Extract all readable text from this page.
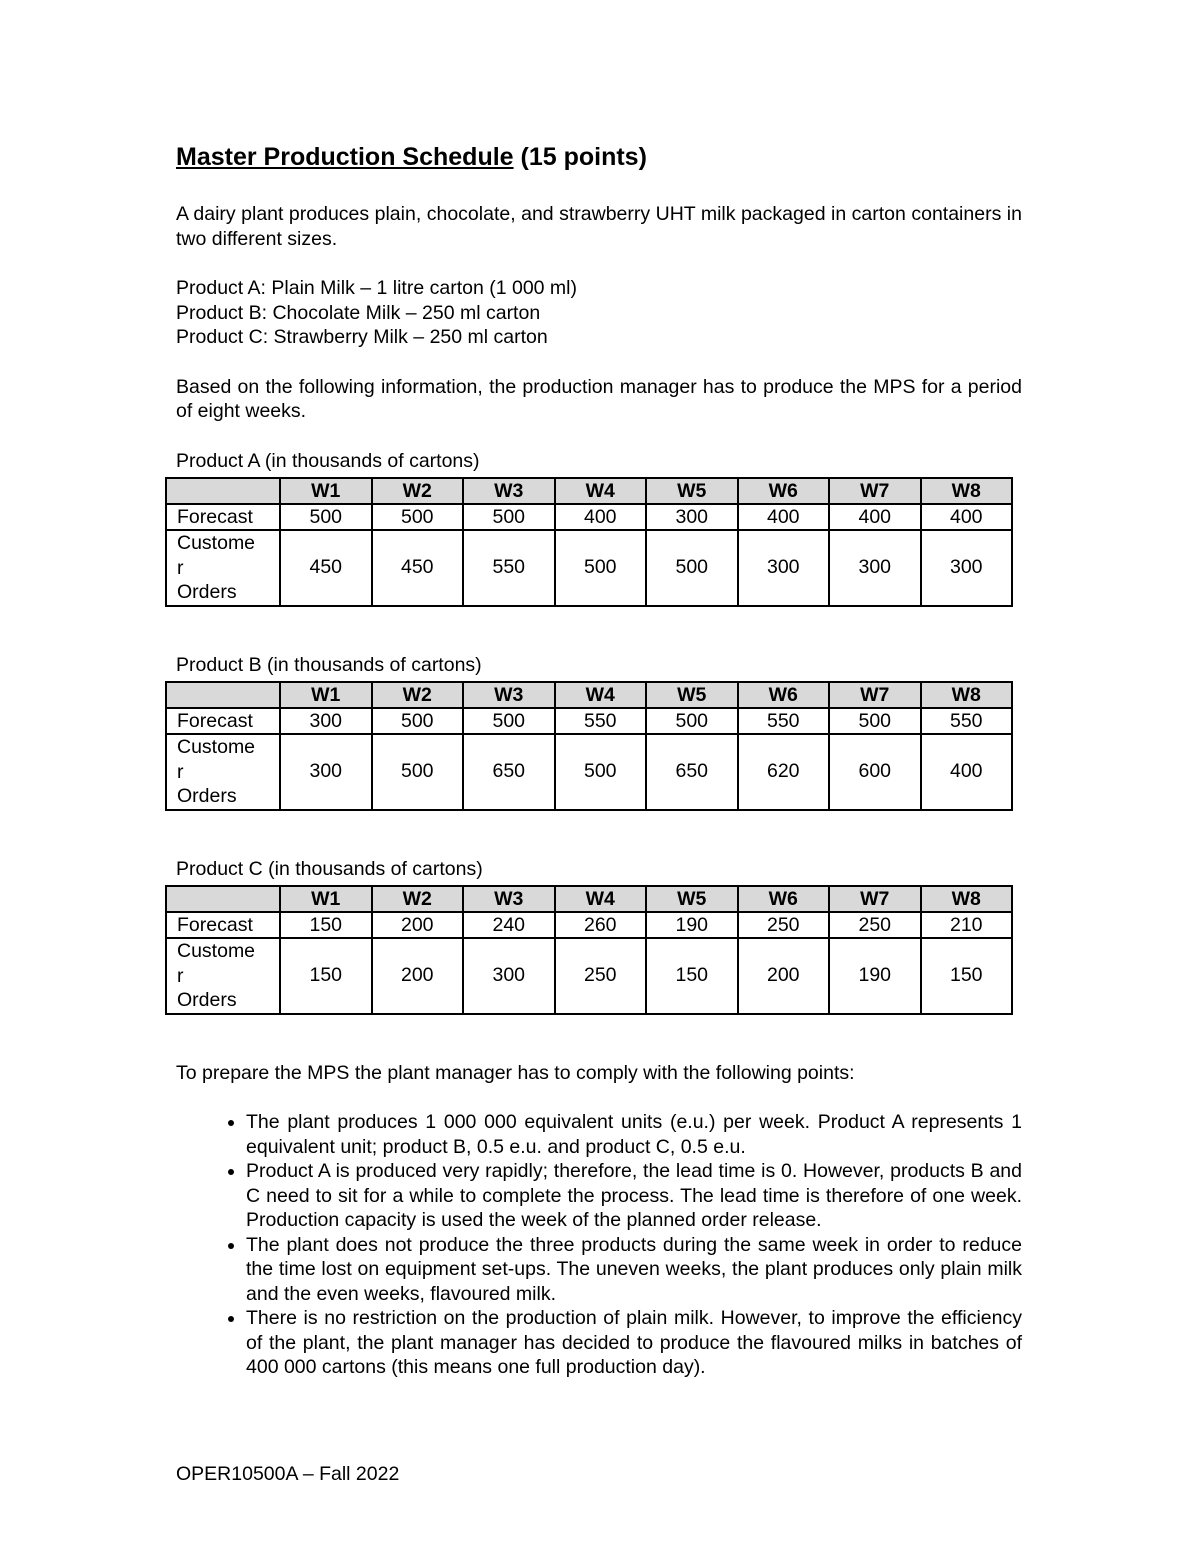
Master Production Schedule (15 points)

A dairy plant produces plain, chocolate, and strawberry UHT milk packaged in carton containers in two different sizes.

Product A: Plain Milk – 1 litre carton (1 000 ml)

Product B: Chocolate Milk – 250 ml carton

Product C: Strawberry Milk – 250 ml carton

Based on the following information, the production manager has to produce the MPS for a period of eight weeks.

Product A (in thousands of cartons)

	W1	W2	W3	W4	W5	W6	W7	W8
Forecast	500	500	500	400	300	400	400	400
Custome
r
Orders	450	450	550	500	500	300	300	300

Product B (in thousands of cartons)

	W1	W2	W3	W4	W5	W6	W7	W8
Forecast	300	500	500	550	500	550	500	550
Custome
r
Orders	300	500	650	500	650	620	600	400

Product C (in thousands of cartons)

	W1	W2	W3	W4	W5	W6	W7	W8
Forecast	150	200	240	260	190	250	250	210
Custome
r
Orders	150	200	300	250	150	200	190	150

To prepare the MPS the plant manager has to comply with the following points:

• The plant produces 1 000 000 equivalent units (e.u.) per week. Product A represents 1 equivalent unit; product B, 0.5 e.u. and product C, 0.5 e.u.
• Product A is produced very rapidly; therefore, the lead time is 0. However, products B and C need to sit for a while to complete the process. The lead time is therefore of one week. Production capacity is used the week of the planned order release.
• The plant does not produce the three products during the same week in order to reduce the time lost on equipment set-ups. The uneven weeks, the plant produces only plain milk and the even weeks, flavoured milk.
• There is no restriction on the production of plain milk. However, to improve the efficiency of the plant, the plant manager has decided to produce the flavoured milks in batches of 400 000 cartons (this means one full production day).
OPER10500A – Fall 2022
